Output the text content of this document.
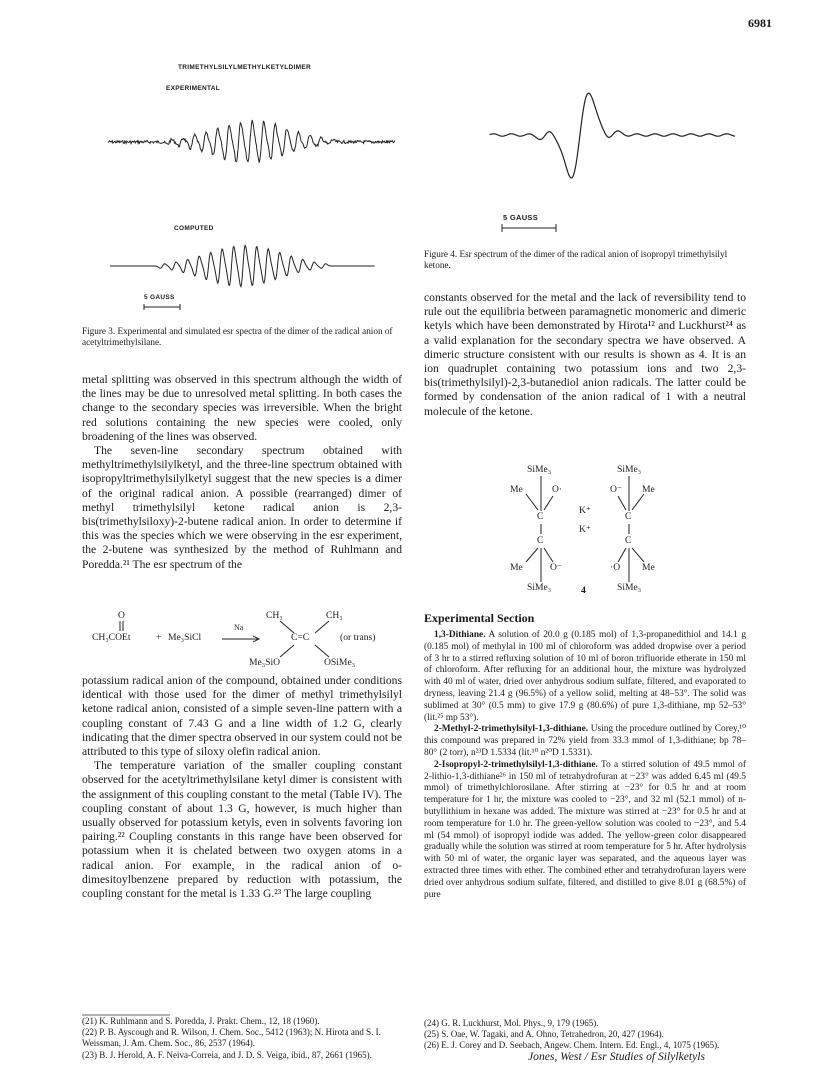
6981
TRIMETHYLSILYLMETHYLKETYLDIMER
EXPERIMENTAL
COMPUTED
5 GAUSS
Figure 3. Experimental and simulated esr spectra of the dimer of the radical anion of acetyltrimethylsilane.
5 GAUSS
Figure 4. Esr spectrum of the dimer of the radical anion of isopropyl trimethylsilyl ketone.

metal splitting was observed in this spectrum although the width of the lines may be due to unresolved metal splitting. In both cases the change to the secondary species was irreversible. When the bright red solutions containing the new species were cooled, only broadening of the lines was observed.

The seven-line secondary spectrum obtained with methyltrimethylsilylketyl, and the three-line spectrum obtained with isopropyltrimethylsilylketyl suggest that the new species is a dimer of the original radical anion. A possible (rearranged) dimer of methyl trimethylsilyl ketone radical anion is 2,3-bis(trimethylsiloxy)-2-butene radical anion. In order to determine if this was the species which we were observing in the esr experiment, the 2-butene was synthesized by the method of Ruhlmann and Poredda.²¹ The esr spectrum of the

O
CH₃COEt	+ Me₃SiCl
Na
CH₃	CH₃
C=C
Me₃SiO	OSiMe₃
(or trans)

potassium radical anion of the compound, obtained under conditions identical with those used for the dimer of methyl trimethylsilyl ketone radical anion, consisted of a simple seven-line pattern with a coupling constant of 7.43 G and a line width of 1.2 G, clearly indicating that the dimer spectra observed in our system could not be attributed to this type of siloxy olefin radical anion.

The temperature variation of the smaller coupling constant observed for the acetyltrimethylsilane ketyl dimer is consistent with the assignment of this coupling constant to the metal (Table IV). The coupling constant of about 1.3 G, however, is much higher than usually observed for potassium ketyls, even in solvents favoring ion pairing.²² Coupling constants in this range have been observed for potassium when it is chelated between two oxygen atoms in a radical anion. For example, in the radical anion of o-dimesitoylbenzene prepared by reduction with potassium, the coupling constant for the metal is 1.33 G.²³ The large coupling

constants observed for the metal and the lack of reversibility tend to rule out the equilibria between paramagnetic monomeric and dimeric ketyls which have been demonstrated by Hirota¹² and Luckhurst²⁴ as a valid explanation for the secondary spectra we have observed. A dimeric structure consistent with our results is shown as 4. It is an ion quadruplet containing two potassium ions and two 2,3-bis(trimethylsilyl)-2,3-butanediol anion radicals. The latter could be formed by condensation of the anion radical of 1 with a neutral molecule of the ketone.

SiMe₃	SiMe₃
Me	O·	O⁻ Me
C	C
K⁺
K⁺
C	C
Me	O⁻	·O Me
SiMe₃	SiMe₃
4
Experimental Section

1,3-Dithiane. A solution of 20.0 g (0.185 mol) of 1,3-propanedithiol and 14.1 g (0.185 mol) of methylal in 100 ml of chloroform was added dropwise over a period of 3 hr to a stirred refluxing solution of 10 ml of boron trifluoride etherate in 150 ml of chloroform. After refluxing for an additional hour, the mixture was hydrolyzed with 40 ml of water, dried over anhydrous sodium sulfate, filtered, and evaporated to dryness, leaving 21.4 g (96.5%) of a yellow solid, melting at 48–53°. The solid was sublimed at 30° (0.5 mm) to give 17.9 g (80.6%) of pure 1,3-dithiane, mp 52–53° (lit.²⁵ mp 53°).

2-Methyl-2-trimethylsilyl-1,3-dithiane. Using the procedure outlined by Corey,¹⁰ this compound was prepared in 72% yield from 33.3 mmol of 1,3-dithiane; bp 78–80° (2 torr), n²³D 1.5334 (lit.¹⁰ n²⁰D 1.5331).

2-Isopropyl-2-trimethylsilyl-1,3-dithiane. To a stirred solution of 49.5 mmol of 2-lithio-1,3-dithiane²⁶ in 150 ml of tetrahydrofuran at −23° was added 6.45 ml (49.5 mmol) of trimethylchlorosilane. After stirring at −23° for 0.5 hr and at room temperature for 1 hr, the mixture was cooled to −23°, and 32 ml (52.1 mmol) of n-butyllithium in hexane was added. The mixture was stirred at −23° for 0.5 hr and at room temperature for 1.0 hr. The green-yellow solution was cooled to −23°, and 5.4 ml (54 mmol) of isopropyl iodide was added. The yellow-green color disappeared gradually while the solution was stirred at room temperature for 5 hr. After hydrolysis with 50 ml of water, the organic layer was separated, and the aqueous layer was extracted three times with ether. The combined ether and tetrahydrofuran layers were dried over anhydrous sodium sulfate, filtered, and distilled to give 8.01 g (68.5%) of pure

(21) K. Ruhlmann and S. Poredda, J. Prakt. Chem., 12, 18 (1960).
(22) P. B. Ayscough and R. Wilson, J. Chem. Soc., 5412 (1963); N. Hirota and S. I. Weissman, J. Am. Chem. Soc., 86, 2537 (1964).
(23) B. J. Herold, A. F. Neiva-Correia, and J. D. S. Veiga, ibid., 87, 2661 (1965).
(24) G. R. Luckhurst, Mol. Phys., 9, 179 (1965).
(25) S. Oae, W. Tagaki, and A. Ohno, Tetrahedron, 20, 427 (1964).
(26) E. J. Corey and D. Seebach, Angew. Chem. Intern. Ed. Engl., 4, 1075 (1965).
Jones, West / Esr Studies of Silylketyls
